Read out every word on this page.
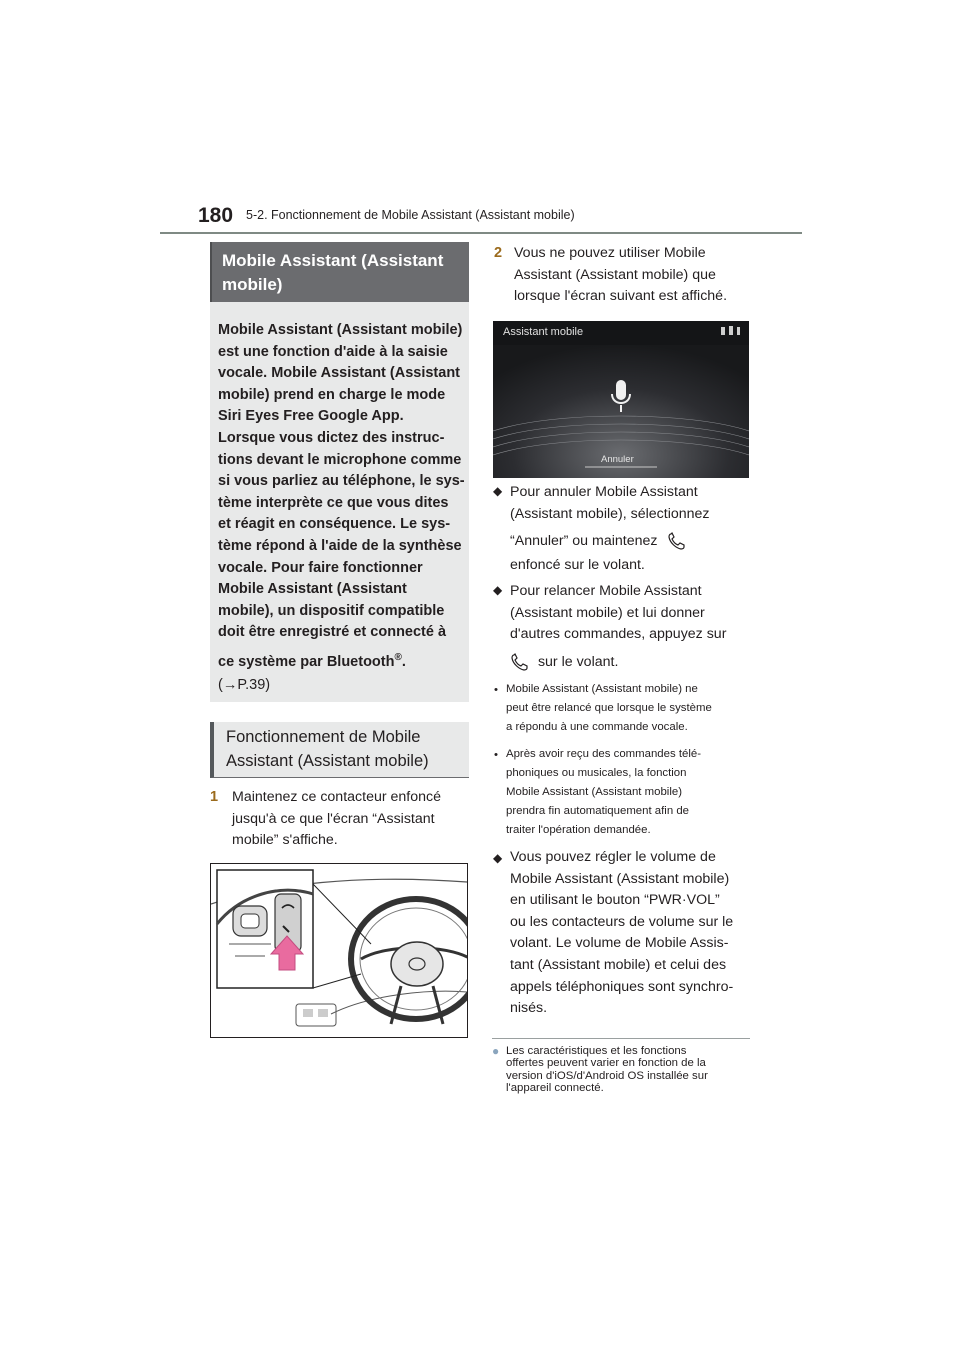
180 5-2. Fonctionnement de Mobile Assistant (Assistant mobile)
Mobile Assistant (Assistant
mobile)

Mobile Assistant (Assistant mobile)

est une fonction d'aide à la saisie

vocale. Mobile Assistant (Assistant

mobile) prend en charge le mode

Siri Eyes Free Google App.

Lorsque vous dictez des instruc-

tions devant le microphone comme

si vous parliez au téléphone, le sys-

tème interprète ce que vous dites

et réagit en conséquence. Le sys-

tème répond à l'aide de la synthèse

vocale. Pour faire fonctionner

Mobile Assistant (Assistant

mobile), un dispositif compatible

doit être enregistré et connecté à

ce système par Bluetooth®.

(→P.39)

Fonctionnement de Mobile
Assistant (Assistant mobile)
1 Maintenez ce contacteur enfoncé
jusqu'à ce que l'écran “Assistant
mobile” s'affiche.
2 Vous ne pouvez utiliser Mobile
Assistant (Assistant mobile) que
lorsque l'écran suivant est affiché.
Assistant mobile
Annuler
◆ Pour annuler Mobile Assistant
(Assistant mobile), sélectionnez
“Annuler” ou maintenez
enfoncé sur le volant.
◆ Pour relancer Mobile Assistant
(Assistant mobile) et lui donner
d'autres commandes, appuyez sur
sur le volant.
• Mobile Assistant (Assistant mobile) ne
peut être relancé que lorsque le système
a répondu à une commande vocale.
• Après avoir reçu des commandes télé-
phoniques ou musicales, la fonction
Mobile Assistant (Assistant mobile)
prendra fin automatiquement afin de
traiter l'opération demandée.
◆ Vous pouvez régler le volume de
Mobile Assistant (Assistant mobile)
en utilisant le bouton “PWR·VOL”
ou les contacteurs de volume sur le
volant. Le volume de Mobile Assis-
tant (Assistant mobile) et celui des
appels téléphoniques sont synchro-
nisés.
● Les caractéristiques et les fonctions
offertes peuvent varier en fonction de la
version d'iOS/d'Android OS installée sur
l'appareil connecté.
